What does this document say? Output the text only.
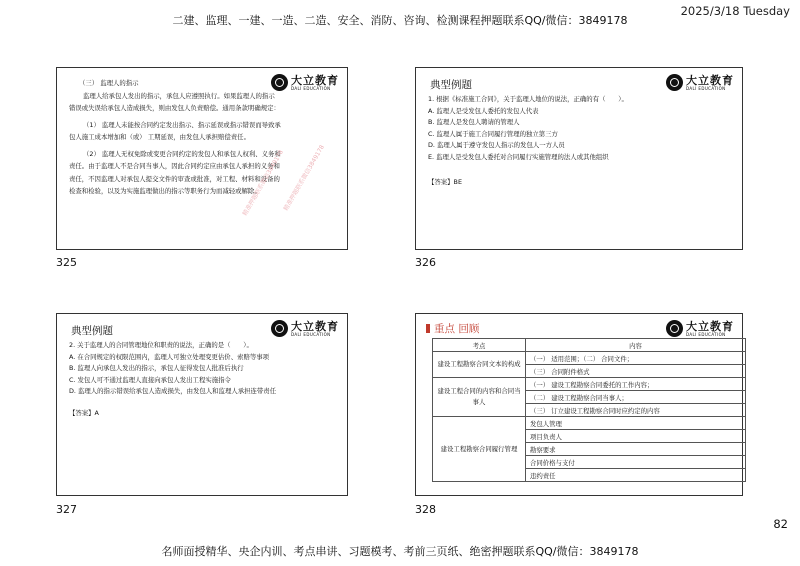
二建、监理、一建、一造、二造、安全、消防、咨询、检测课程押题联系QQ/微信：3849178
2025/3/18 Tuesday
大立教育
DALI EDUCATION

（三） 监理人的指示

监理人给承包人发出的指示，承包人应遵照执行。如果监理人的指示错误或失误给承包人造成损失，则由发包人负责赔偿。通用条款明确规定：

（1） 监理人未能按合同约定发出指示、指示延误或指示错误而导致承包人施工成本增加和（或） 工期延误，由发包人承担赔偿责任。

（2） 监理人无权免除或变更合同约定的发包人和承包人权利、义务和责任。由于监理人不是合同当事人，因此合同约定应由承包人承担的义务和责任，不因监理人对承包人提交文件的审查或批准，对工程、材料和设备的检查和检验，以及为实施监理做出的指示等职务行为而减轻或解除。

精准押题联系微信3849178
325
典型例题	大立教育
DALI EDUCATION

1. 根据《标准施工合同》，关于监理人地位的说法，正确的有（　　）。

A. 监理人是受发包人委托的发包人代表

B. 监理人是发包人聘请的管理人

C. 监理人属于施工合同履行管理的独立第三方

D. 监理人属于遵守发包人指示的发包人一方人员

E. 监理人是受发包人委托对合同履行实施管理的法人或其他组织

【答案】BE

精准押题联系微信3849178
326
典型例题	大立教育
DALI EDUCATION

2. 关于监理人的合同管理地位和职责的说法，正确的是（　　）。

A. 在合同规定的权限范围内，监理人可独立处理变更估价、索赔等事项

B. 监理人向承包人发出的指示，承包人征得发包人批准后执行

C. 发包人可不通过监理人直接向承包人发出工程实施指令

D. 监理人的指示错误给承包人造成损失，由发包人和监理人承担连带责任

【答案】A

327
重点 回顾	大立教育
DALI EDUCATION
考点	内容
建设工程勘察合同文本的构成	（一） 适用范围；（二） 合同文件；
	（三） 合同附件格式
建设工程合同的内容和合同当事人	（一） 建设工程勘察合同委托的工作内容；
	（二） 建设工程勘察合同当事人；
	（三） 订立建设工程勘察合同时应约定的内容
建设工程勘察合同履行管理	发包人管理
	项目负责人
	勘察要求
	合同价格与支付
	违约责任
328
82
名师面授精华、央企内训、考点串讲、习题模考、考前三页纸、绝密押题联系QQ/微信：3849178
